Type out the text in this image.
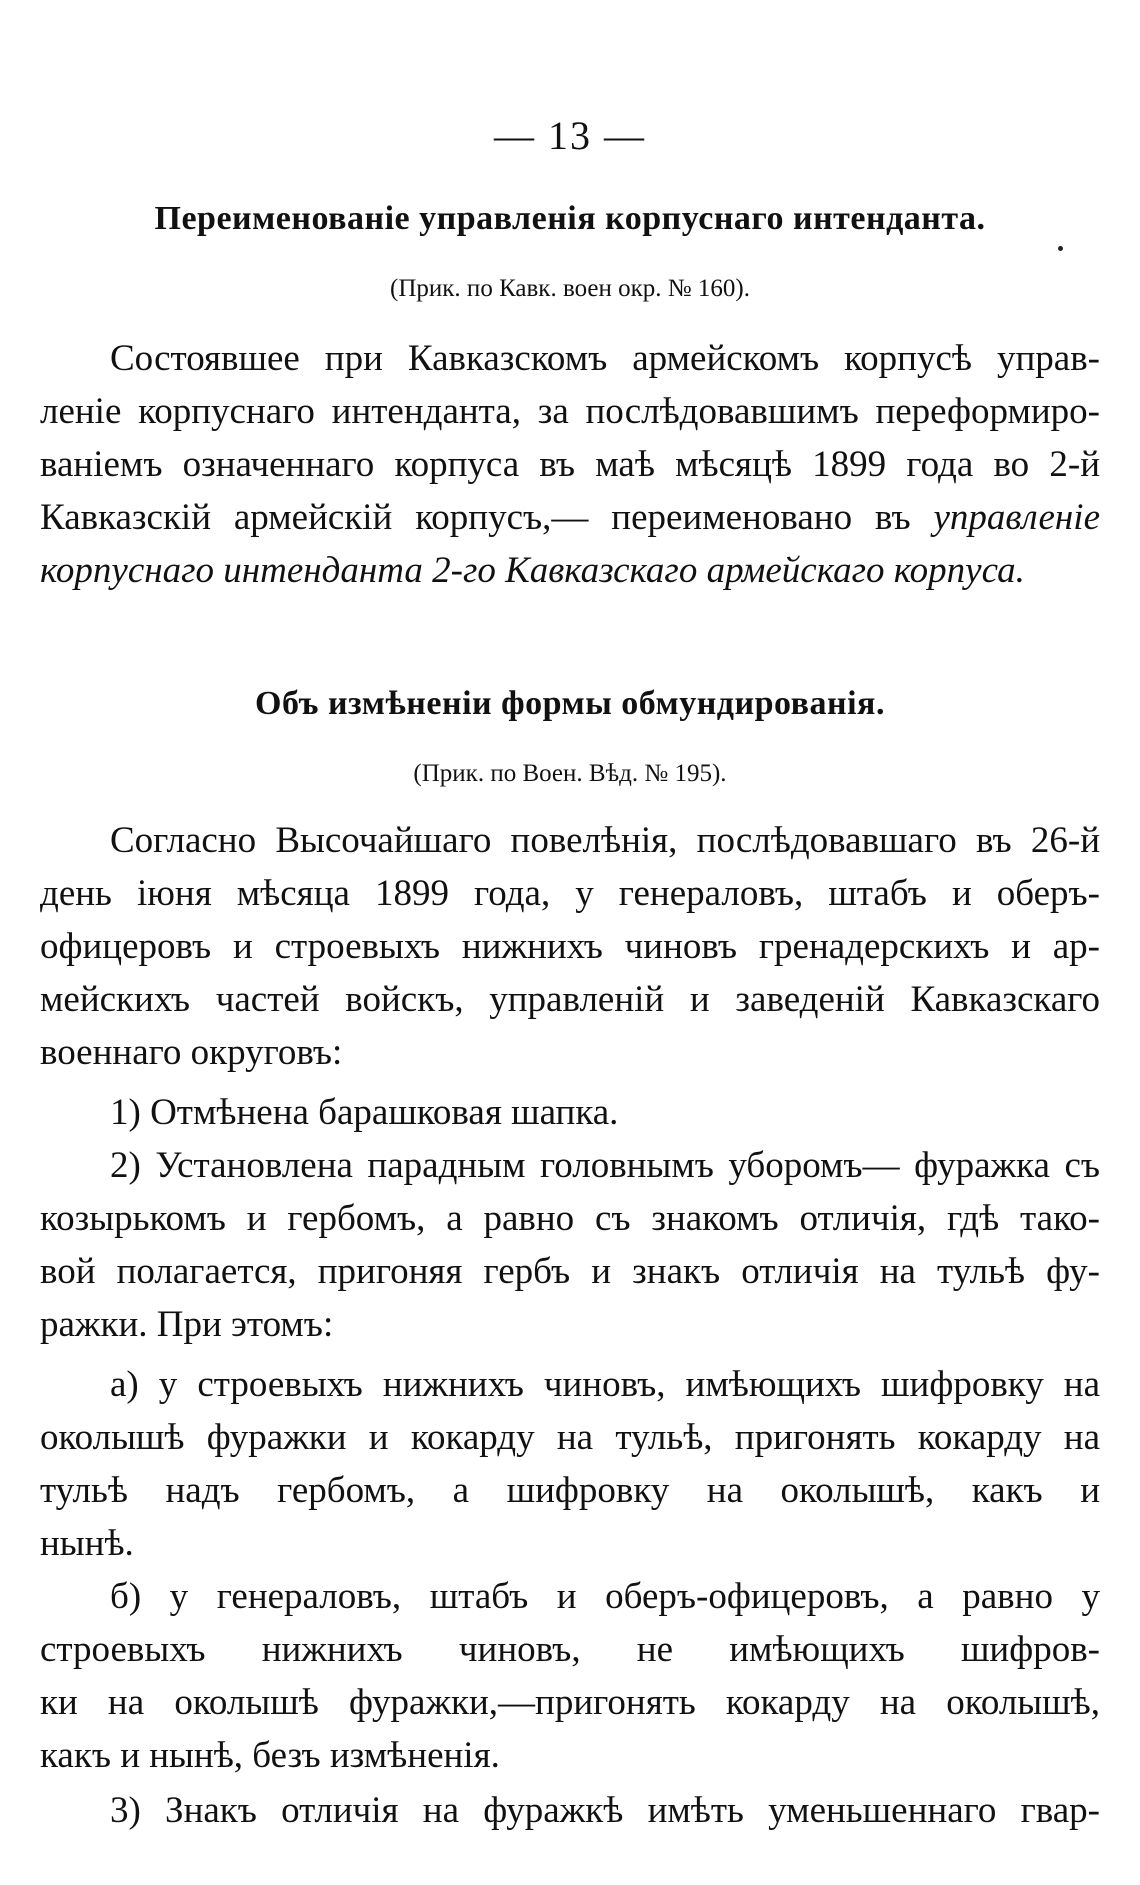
— 13 —
Переименованіе управленія корпуснаго интенданта.
(Прик. по Кавк. воен окр. № 160).
Состоявшее при Кавказскомъ армейскомъ корпусѣ управ-
леніе корпуснаго интенданта, за послѣдовавшимъ переформиро-
ваніемъ означеннаго корпуса въ маѣ мѣсяцѣ 1899 года во 2-й
Кавказскій армейскій корпусъ,— переименовано въ управленіе
корпуснаго интенданта 2-го Кавказскаго армейскаго корпуса.
Объ измѣненіи формы обмундированія.
(Прик. по Воен. Вѣд. № 195).
Согласно Высочайшаго повелѣнія, послѣдовавшаго въ 26-й
день іюня мѣсяца 1899 года, у генераловъ, штабъ и оберъ-
офицеровъ и строевыхъ нижнихъ чиновъ гренадерскихъ и ар-
мейскихъ частей войскъ, управленій и заведеній Кавказскаго
военнаго округовъ:
1) Отмѣнена барашковая шапка.
2) Установлена парадным головнымъ уборомъ— фуражка съ
козырькомъ и гербомъ, а равно съ знакомъ отличія, гдѣ тако-
вой полагается, пригоняя гербъ и знакъ отличія на тульѣ фу-
ражки. При этомъ:
а) у строевыхъ нижнихъ чиновъ, имѣющихъ шифровку на
околышѣ фуражки и кокарду на тульѣ, пригонять кокарду на
тульѣ надъ гербомъ, а шифровку на околышѣ, какъ и
нынѣ.
б) у генераловъ, штабъ и оберъ-офицеровъ, а равно у
строевыхъ нижнихъ чиновъ, не имѣющихъ шифров-
ки на околышѣ фуражки,—пригонять кокарду на околышѣ,
какъ и нынѣ, безъ измѣненія.
3) Знакъ отличія на фуражкѣ имѣть уменьшеннаго гвар-
